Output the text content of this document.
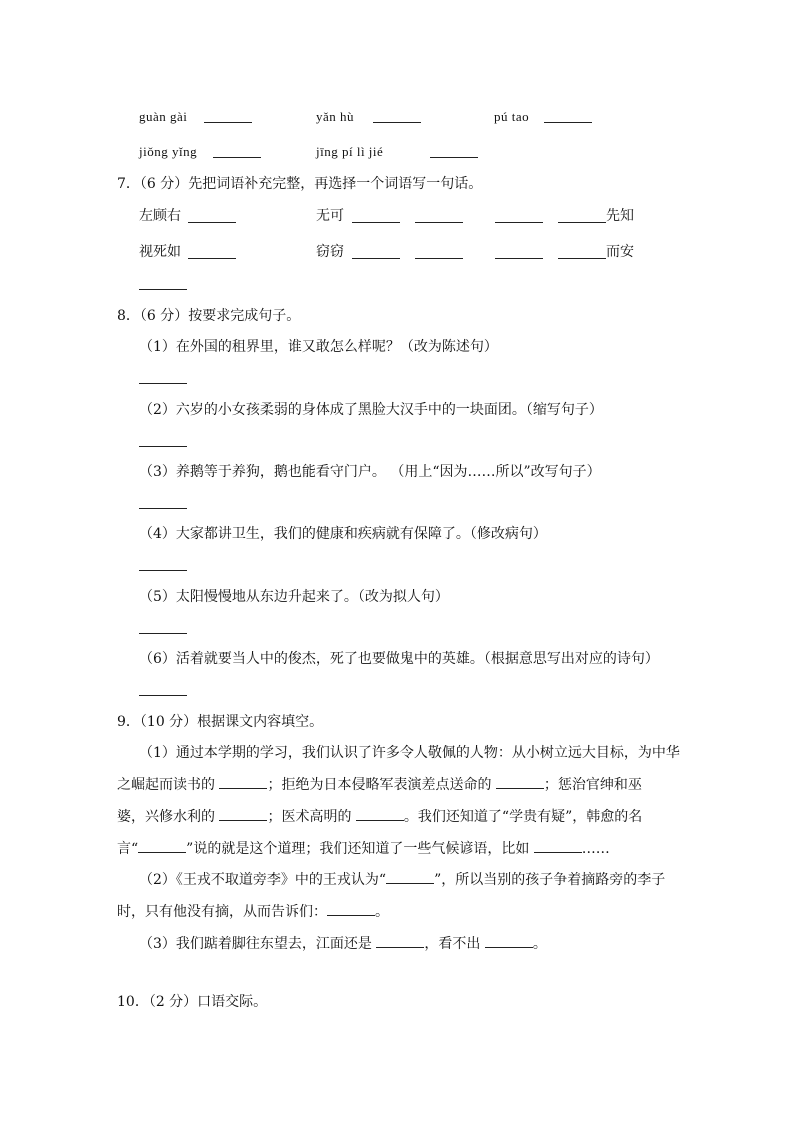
guàn gài	yǎn hù	pú tao
jiǒng yǐng	jīng pí lì jié
7．（6 分）先把词语补充完整，再选择一个词语写一句话。
左顾右	无可	先知
视死如	窃窃	而安
8．（6 分）按要求完成句子。
（1）在外国的租界里，谁又敢怎么样呢？（改为陈述句）
（2）六岁的小女孩柔弱的身体成了黑脸大汉手中的一块面团。（缩写句子）
（3）养鹅等于养狗，鹅也能看守门户。 （用上“因为……所以”改写句子）
（4）大家都讲卫生，我们的健康和疾病就有保障了。（修改病句）
（5）太阳慢慢地从东边升起来了。（改为拟人句）
（6）活着就要当人中的俊杰，死了也要做鬼中的英雄。（根据意思写出对应的诗句）
9．（10 分）根据课文内容填空。
（1）通过本学期的学习，我们认识了许多令人敬佩的人物：从小树立远大目标，为中华
之崛起而读书的	；拒绝为日本侵略军表演差点送命的	；惩治官绅和巫
婆，兴修水利的	；医术高明的	。我们还知道了“学贵有疑”，韩愈的名
言“	”说的就是这个道理；我们还知道了一些气候谚语，比如	……
（2）《王戎不取道旁李》中的王戎认为“	”，所以当别的孩子争着摘路旁的李子
时，只有他没有摘，从而告诉们：	。
（3）我们踮着脚往东望去，江面还是	，看不出	。
10．（2 分）口语交际。
